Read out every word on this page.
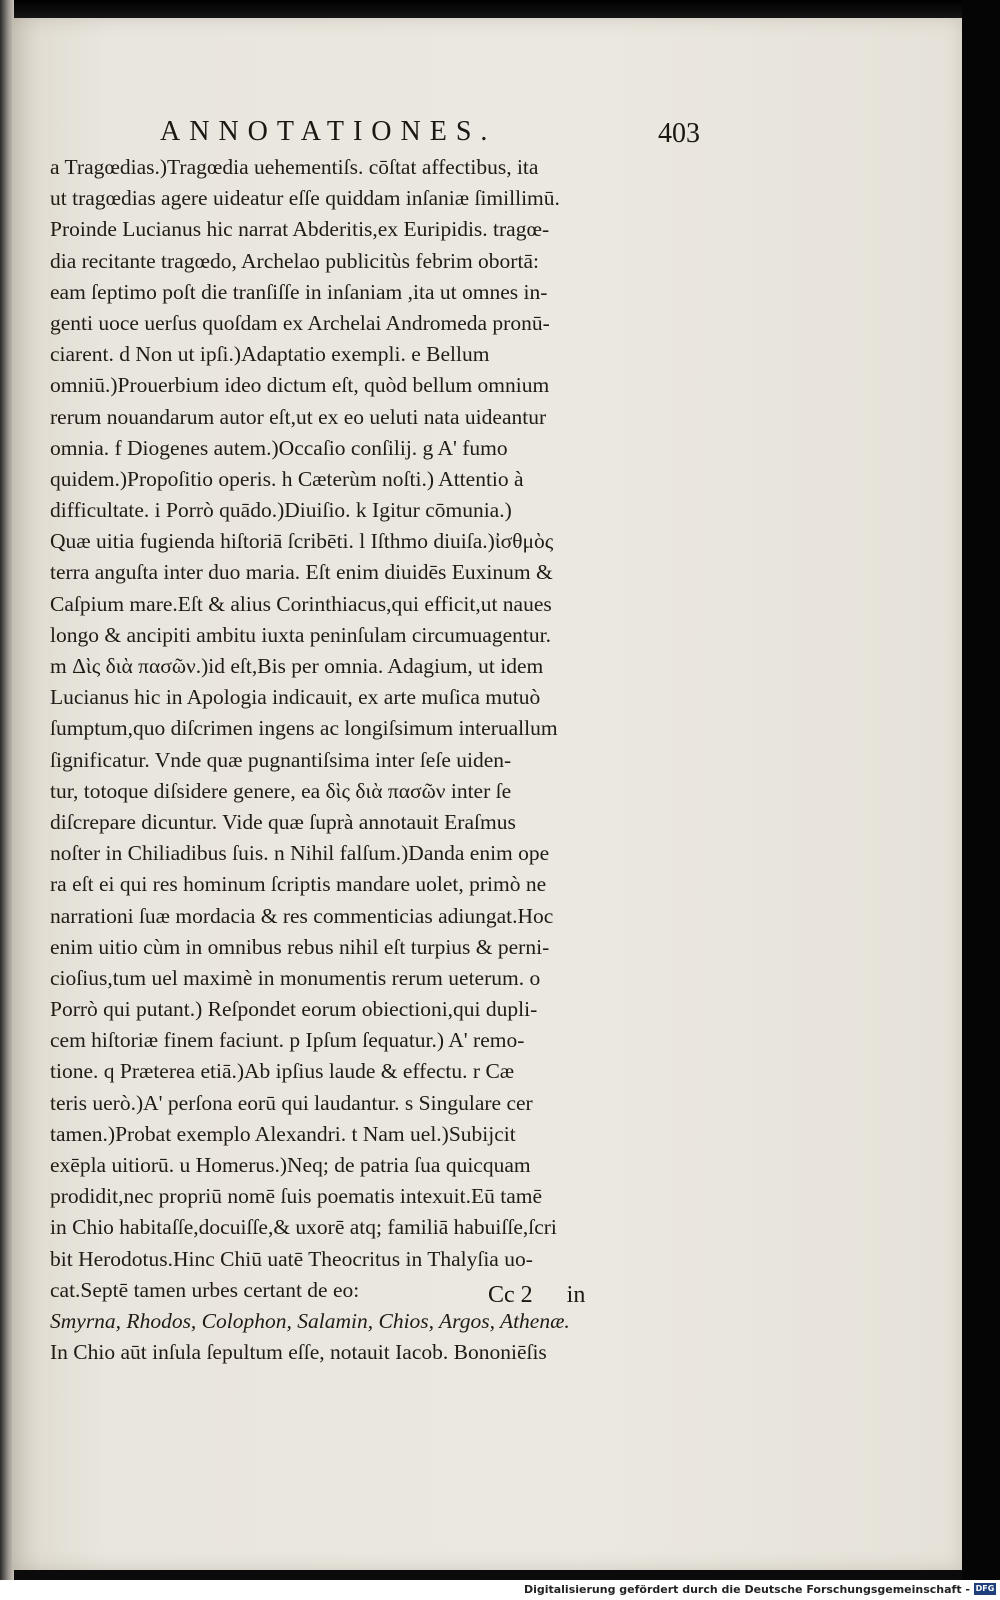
ANNOTATIONES.	403
a Tragœdias.)Tragœdia uehementiſs. cōſtat affectibus, ita
ut tragœdias agere uideatur eſſe quiddam inſaniæ ſimillimū.
Proinde Lucianus hic narrat Abderitis,ex Euripidis. tragœ-
dia recitante tragœdo, Archelao publicitùs febrim obortā:
eam ſeptimo poſt die tranſiſſe in inſaniam ,ita ut omnes in-
genti uoce uerſus quoſdam ex Archelai Andromeda pronū-
ciarent. d Non ut ipſi.)Adaptatio exempli. e Bellum
omniū.)Prouerbium ideo dictum eſt, quòd bellum omnium
rerum nouandarum autor eſt,ut ex eo ueluti nata uideantur
omnia. f Diogenes autem.)Occaſio conſilij. g A' fumo
quidem.)Propoſitio operis. h Cæterùm noſti.) Attentio à
difficultate. i Porrò quādo.)Diuiſio. k Igitur cōmunia.)
Quæ uitia fugienda hiſtoriā ſcribēti. l Iſthmo diuiſa.)ἰσθμὸς
terra anguſta inter duo maria. Eſt enim diuidēs Euxinum &
Caſpium mare.Eſt & alius Corinthiacus,qui efficit,ut naues
longo & ancipiti ambitu iuxta peninſulam circumuagentur.
m Δὶς διὰ πασῶν.)id eſt,Bis per omnia. Adagium, ut idem
Lucianus hic in Apologia indicauit, ex arte muſica mutuò
ſumptum,quo diſcrimen ingens ac longiſsimum interuallum
ſignificatur. Vnde quæ pugnantiſsima inter ſeſe uiden-
tur, totoque diſsidere genere, ea δὶς διὰ πασῶν inter ſe
diſcrepare dicuntur. Vide quæ ſuprà annotauit Eraſmus
noſter in Chiliadibus ſuis. n Nihil falſum.)Danda enim ope
ra eſt ei qui res hominum ſcriptis mandare uolet, primò ne
narrationi ſuæ mordacia & res commenticias adiungat.Hoc
enim uitio cùm in omnibus rebus nihil eſt turpius & perni-
cioſius,tum uel maximè in monumentis rerum ueterum. o
Porrò qui putant.) Reſpondet eorum obiectioni,qui dupli-
cem hiſtoriæ finem faciunt. p Ipſum ſequatur.) A' remo-
tione. q Præterea etiā.)Ab ipſius laude & effectu. r Cæ
teris uerò.)A' perſona eorū qui laudantur. s Singulare cer
tamen.)Probat exemplo Alexandri. t Nam uel.)Subijcit
exēpla uitiorū. u Homerus.)Neq; de patria ſua quicquam
prodidit,nec propriū nomē ſuis poematis intexuit.Eū tamē
in Chio habitaſſe,docuiſſe,& uxorē atq; familiā habuiſſe,ſcri
bit Herodotus.Hinc Chiū uatē Theocritus in Thalyſia uo-
cat.Septē tamen urbes certant de eo:
Smyrna, Rhodos, Colophon, Salamin, Chios, Argos, Athenæ.
In Chio aūt inſula ſepultum eſſe, notauit Iacob. Bononiēſis
Cc 2 in
Digitalisierung gefördert durch die Deutsche Forschungsgemeinschaft - DFG
